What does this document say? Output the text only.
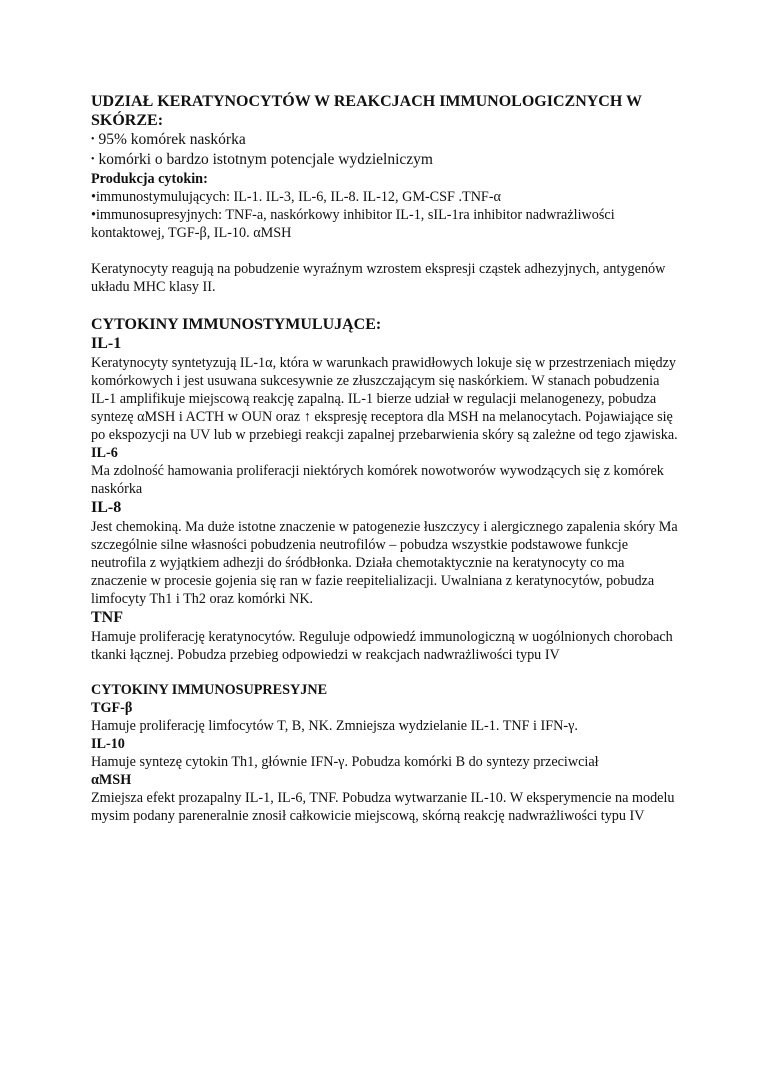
UDZIAŁ KERATYNOCYTÓW W REAKCJACH IMMUNOLOGICZNYCH W SKÓRZE:

• 95% komórek naskórka

• komórki o bardzo istotnym potencjale wydzielniczym

Produkcja cytokin:

•immunostymulujących: IL-1. IL-3, IL-6, IL-8. IL-12, GM-CSF .TNF-α

•immunosupresyjnych: TNF-a, naskórkowy inhibitor IL-1, sIL-1ra inhibitor nadwrażliwości kontaktowej, TGF-β, IL-10. αMSH

Keratynocyty reagują na pobudzenie wyraźnym wzrostem ekspresji cząstek adhezyjnych, antygenów układu MHC klasy II.

CYTOKINY IMMUNOSTYMULUJĄCE:

IL-1

Keratynocyty syntetyzują IL-1α, która w warunkach prawidłowych lokuje się w przestrzeniach między komórkowych i jest usuwana sukcesywnie ze złuszczającym się naskórkiem. W stanach pobudzenia IL-1 amplifikuje miejscową reakcję zapalną. IL-1 bierze udział w regulacji melanogenezy, pobudza syntezę αMSH i ACTH w OUN oraz ↑ ekspresję receptora dla MSH na melanocytach. Pojawiające się po ekspozycji na UV lub w przebiegi reakcji zapalnej przebarwienia skóry są zależne od tego zjawiska.

IL-6

Ma zdolność hamowania proliferacji niektórych komórek nowotworów wywodzących się z komórek naskórka

IL-8

Jest chemokiną. Ma duże istotne znaczenie w patogenezie łuszczycy i alergicznego zapalenia skóry Ma szczególnie silne własności pobudzenia neutrofilów – pobudza wszystkie podstawowe funkcje neutrofila z wyjątkiem adhezji do śródbłonka. Działa chemotaktycznie na keratynocyty co ma znaczenie w procesie gojenia się ran w fazie reepitelializacji. Uwalniana z keratynocytów, pobudza limfocyty Th1 i Th2 oraz komórki NK.

TNF

Hamuje proliferację keratynocytów. Reguluje odpowiedź immunologiczną w uogólnionych chorobach tkanki łącznej. Pobudza przebieg odpowiedzi w reakcjach nadwrażliwości typu IV

CYTOKINY IMMUNOSUPRESYJNE

TGF-β

Hamuje proliferację limfocytów T, B, NK. Zmniejsza wydzielanie IL-1. TNF i IFN-γ.

IL-10

Hamuje syntezę cytokin Th1, głównie IFN-γ. Pobudza komórki B do syntezy przeciwciał

αMSH

Zmiejsza efekt prozapalny IL-1, IL-6, TNF. Pobudza wytwarzanie IL-10. W eksperymencie na modelu mysim podany pareneralnie znosił całkowicie miejscową, skórną reakcję nadwrażliwości typu IV
